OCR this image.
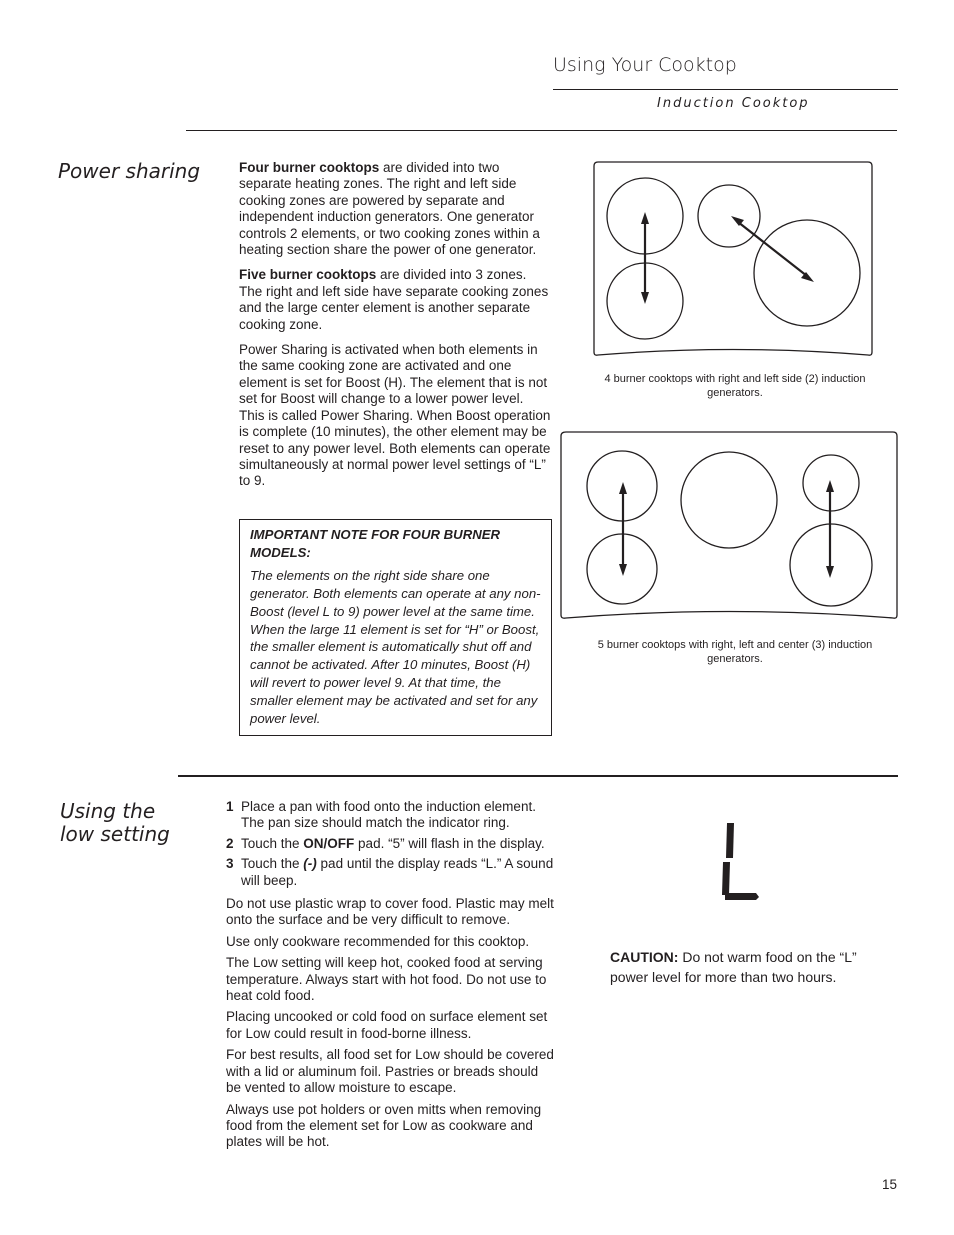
Using Your Cooktop
Induction Cooktop
Power sharing	Four burner cooktops are divided into two separate heating zones. The right and left side cooking zones are powered by separate and independent induction generators. One generator controls 2 elements, or two cooking zones within a heating section share the power of one generator.

Five burner cooktops are divided into 3 zones. The right and left side have separate cooking zones and the large center element is another separate cooking zone.

Power Sharing is activated when both elements in the same cooking zone are activated and one element is set for Boost (H). The element that is not set for Boost will change to a lower power level. This is called Power Sharing. When Boost operation is complete (10 minutes), the other element may be reset to any power level. Both elements can operate simultaneously at normal power level settings of “L” to 9.

IMPORTANT NOTE FOR FOUR BURNER MODELS:
The elements on the right side share one generator. Both elements can operate at any non-Boost (level L to 9) power level at the same time. When the large 11 element is set for “H” or Boost, the smaller element is automatically shut off and cannot be activated. After 10 minutes, Boost (H) will revert to power level 9. At that time, the smaller element may be activated and set for any power level.
4 burner cooktops with right and left side (2) induction generators.
5 burner cooktops with right, left and center (3) induction generators.
Using the
low setting
1 Place a pan with food onto the induction element. The pan size should match the indicator ring.
2 Touch the ON/OFF pad. “5” will flash in the display.
3 Touch the (-) pad until the display reads “L.” A sound will beep.

Do not use plastic wrap to cover food. Plastic may melt onto the surface and be very difficult to remove.

Use only cookware recommended for this cooktop.

The Low setting will keep hot, cooked food at serving temperature. Always start with hot food. Do not use to heat cold food.

Placing uncooked or cold food on surface element set for Low could result in food-borne illness.

For best results, all food set for Low should be covered with a lid or aluminum foil. Pastries or breads should be vented to allow moisture to escape.

Always use pot holders or oven mitts when removing food from the element set for Low as cookware and plates will be hot.

CAUTION: Do not warm food on the “L” power level for more than two hours.
15
